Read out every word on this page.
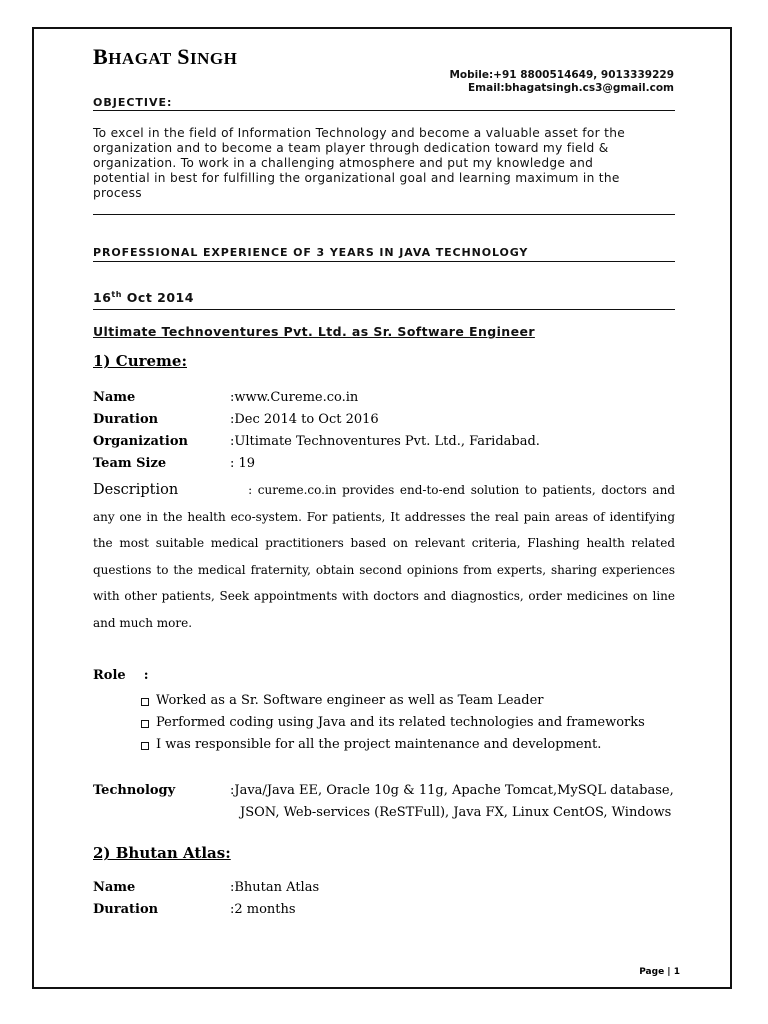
BHAGAT SINGH
Mobile:+91 8800514649, 9013339229
Email:bhagatsingh.cs3@gmail.com
OBJECTIVE:
To excel in the field of Information Technology and become a valuable asset for the
organization and to become a team player through dedication toward my field &
organization. To work in a challenging atmosphere and put my knowledge and
potential in best for fulfilling the organizational goal and learning maximum in the
process
PROFESSIONAL EXPERIENCE OF 3 YEARS IN JAVA TECHNOLOGY
16th Oct 2014
Ultimate Technoventures Pvt. Ltd. as Sr. Software Engineer
1) Cureme:
Name	:www.Cureme.co.in
Duration	:Dec 2014 to Oct 2016
Organization	:Ultimate Technoventures Pvt. Ltd., Faridabad.
Team Size	: 19
Description	: cureme.co.in provides end-to-end solution to patients, doctors and any one in the health eco-system. For patients, It addresses the real pain areas of identifying the most suitable medical practitioners based on relevant criteria, Flashing health related questions to the medical fraternity, obtain second opinions from experts, sharing experiences with other patients, Seek appointments with doctors and diagnostics, order medicines on line and much more.
Role :
Worked as a Sr. Software engineer as well as Team Leader
Performed coding using Java and its related technologies and frameworks
I was responsible for all the project maintenance and development.
Technology	:Java/Java EE, Oracle 10g & 11g, Apache Tomcat,MySQL database,
JSON, Web-services (ReSTFull), Java FX, Linux CentOS, Windows
2) Bhutan Atlas:
Name	:Bhutan Atlas
Duration	:2 months
Page | 1
